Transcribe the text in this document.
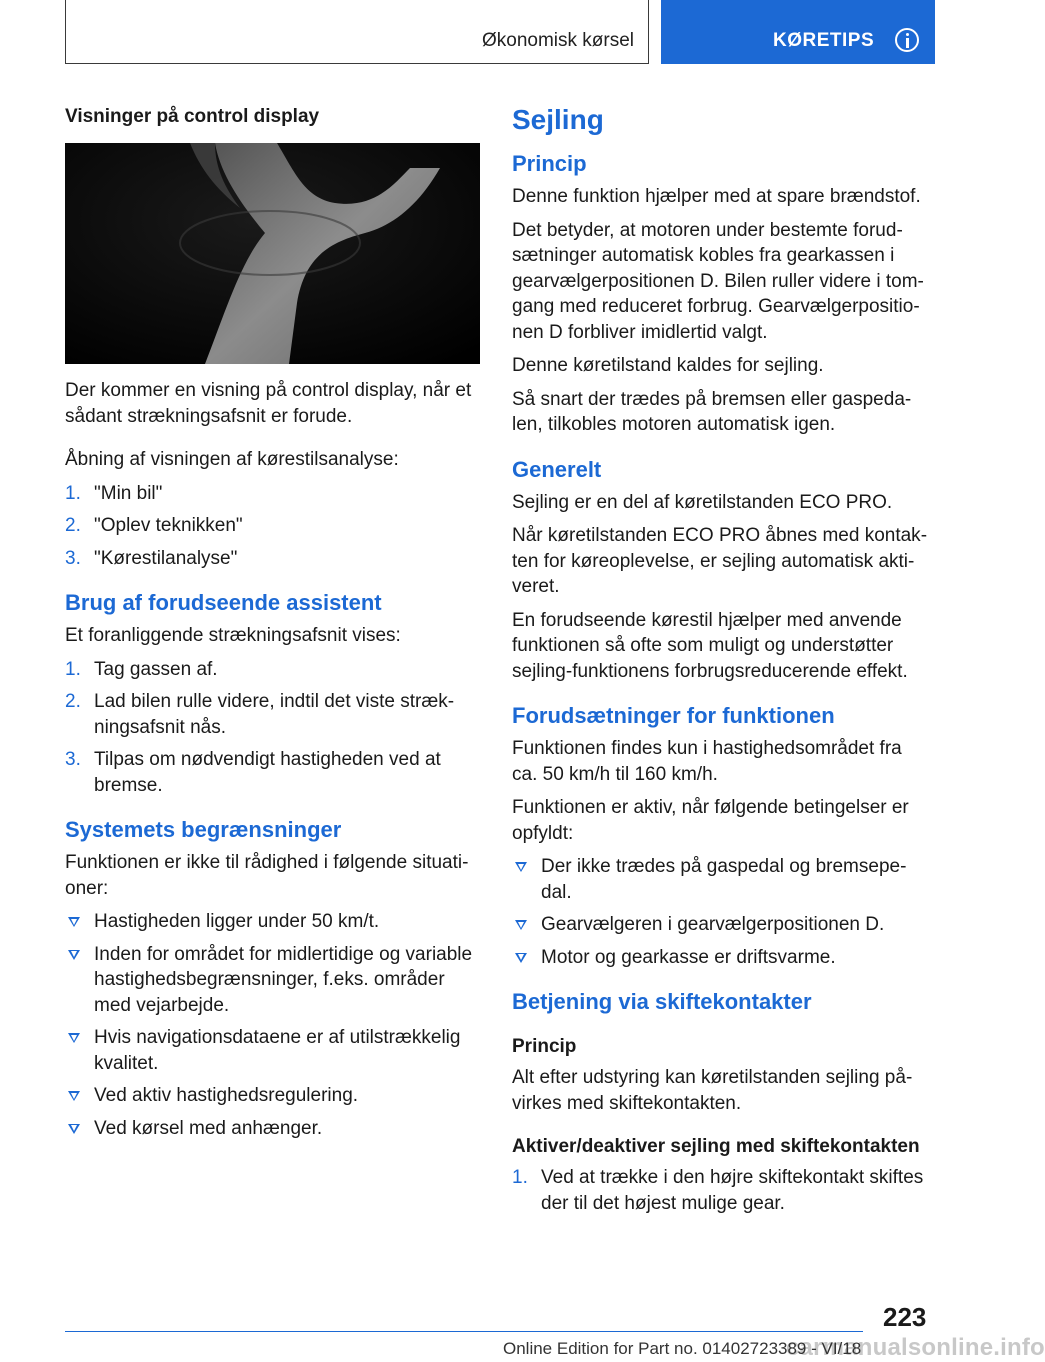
Økonomisk kørsel	KØRETIPS
Visninger på control display

Der kommer en visning på control display, når et sådant strækningsafsnit er forude.

Åbning af visningen af kørestilsanalyse:

1. "Min bil"
2. "Oplev teknikken"
3. "Kørestilanalyse"
Brug af forudseende assistent

Et foranliggende strækningsafsnit vises:

1. Tag gassen af.
2. Lad bilen rulle videre, indtil det viste strækningsafsnit nås.
3. Tilpas om nødvendigt hastigheden ved at bremse.
Systemets begrænsninger

Funktionen er ikke til rådighed i følgende situationer:

Hastigheden ligger under 50 km/t.
Inden for området for midlertidige og variable hastighedsbegrænsninger, f.eks. områder med vejarbejde.
Hvis navigationsdataene er af utilstrækkelig kvalitet.
Ved aktiv hastighedsregulering.
Ved kørsel med anhænger.
Sejling
Princip

Denne funktion hjælper med at spare brændstof.

Det betyder, at motoren under bestemte forudsætninger automatisk kobles fra gearkassen i gearvælgerpositionen D. Bilen ruller videre i tomgang med reduceret forbrug. Gearvælgerpositionen D forbliver imidlertid valgt.

Denne køretilstand kaldes for sejling.

Så snart der trædes på bremsen eller gaspedalen, tilkobles motoren automatisk igen.

Generelt

Sejling er en del af køretilstanden ECO PRO.

Når køretilstanden ECO PRO åbnes med kontakten for køreoplevelse, er sejling automatisk aktiveret.

En forudseende kørestil hjælper med anvende funktionen så ofte som muligt og understøtter sejling-funktionens forbrugsreducerende effekt.

Forudsætninger for funktionen

Funktionen findes kun i hastighedsområdet fra ca. 50 km/h til 160 km/h.

Funktionen er aktiv, når følgende betingelser er opfyldt:

Der ikke trædes på gaspedal og bremsepedal.
Gearvælgeren i gearvælgerpositionen D.
Motor og gearkasse er driftsvarme.
Betjening via skiftekontakter
Princip

Alt efter udstyring kan køretilstanden sejling påvirkes med skiftekontakten.

Aktiver/deaktiver sejling med skiftekontakten
1. Ved at trække i den højre skiftekontakt skiftes der til det højest mulige gear.
223
carmanualsonline.info
Online Edition for Part no. 01402723389 - VI/18
